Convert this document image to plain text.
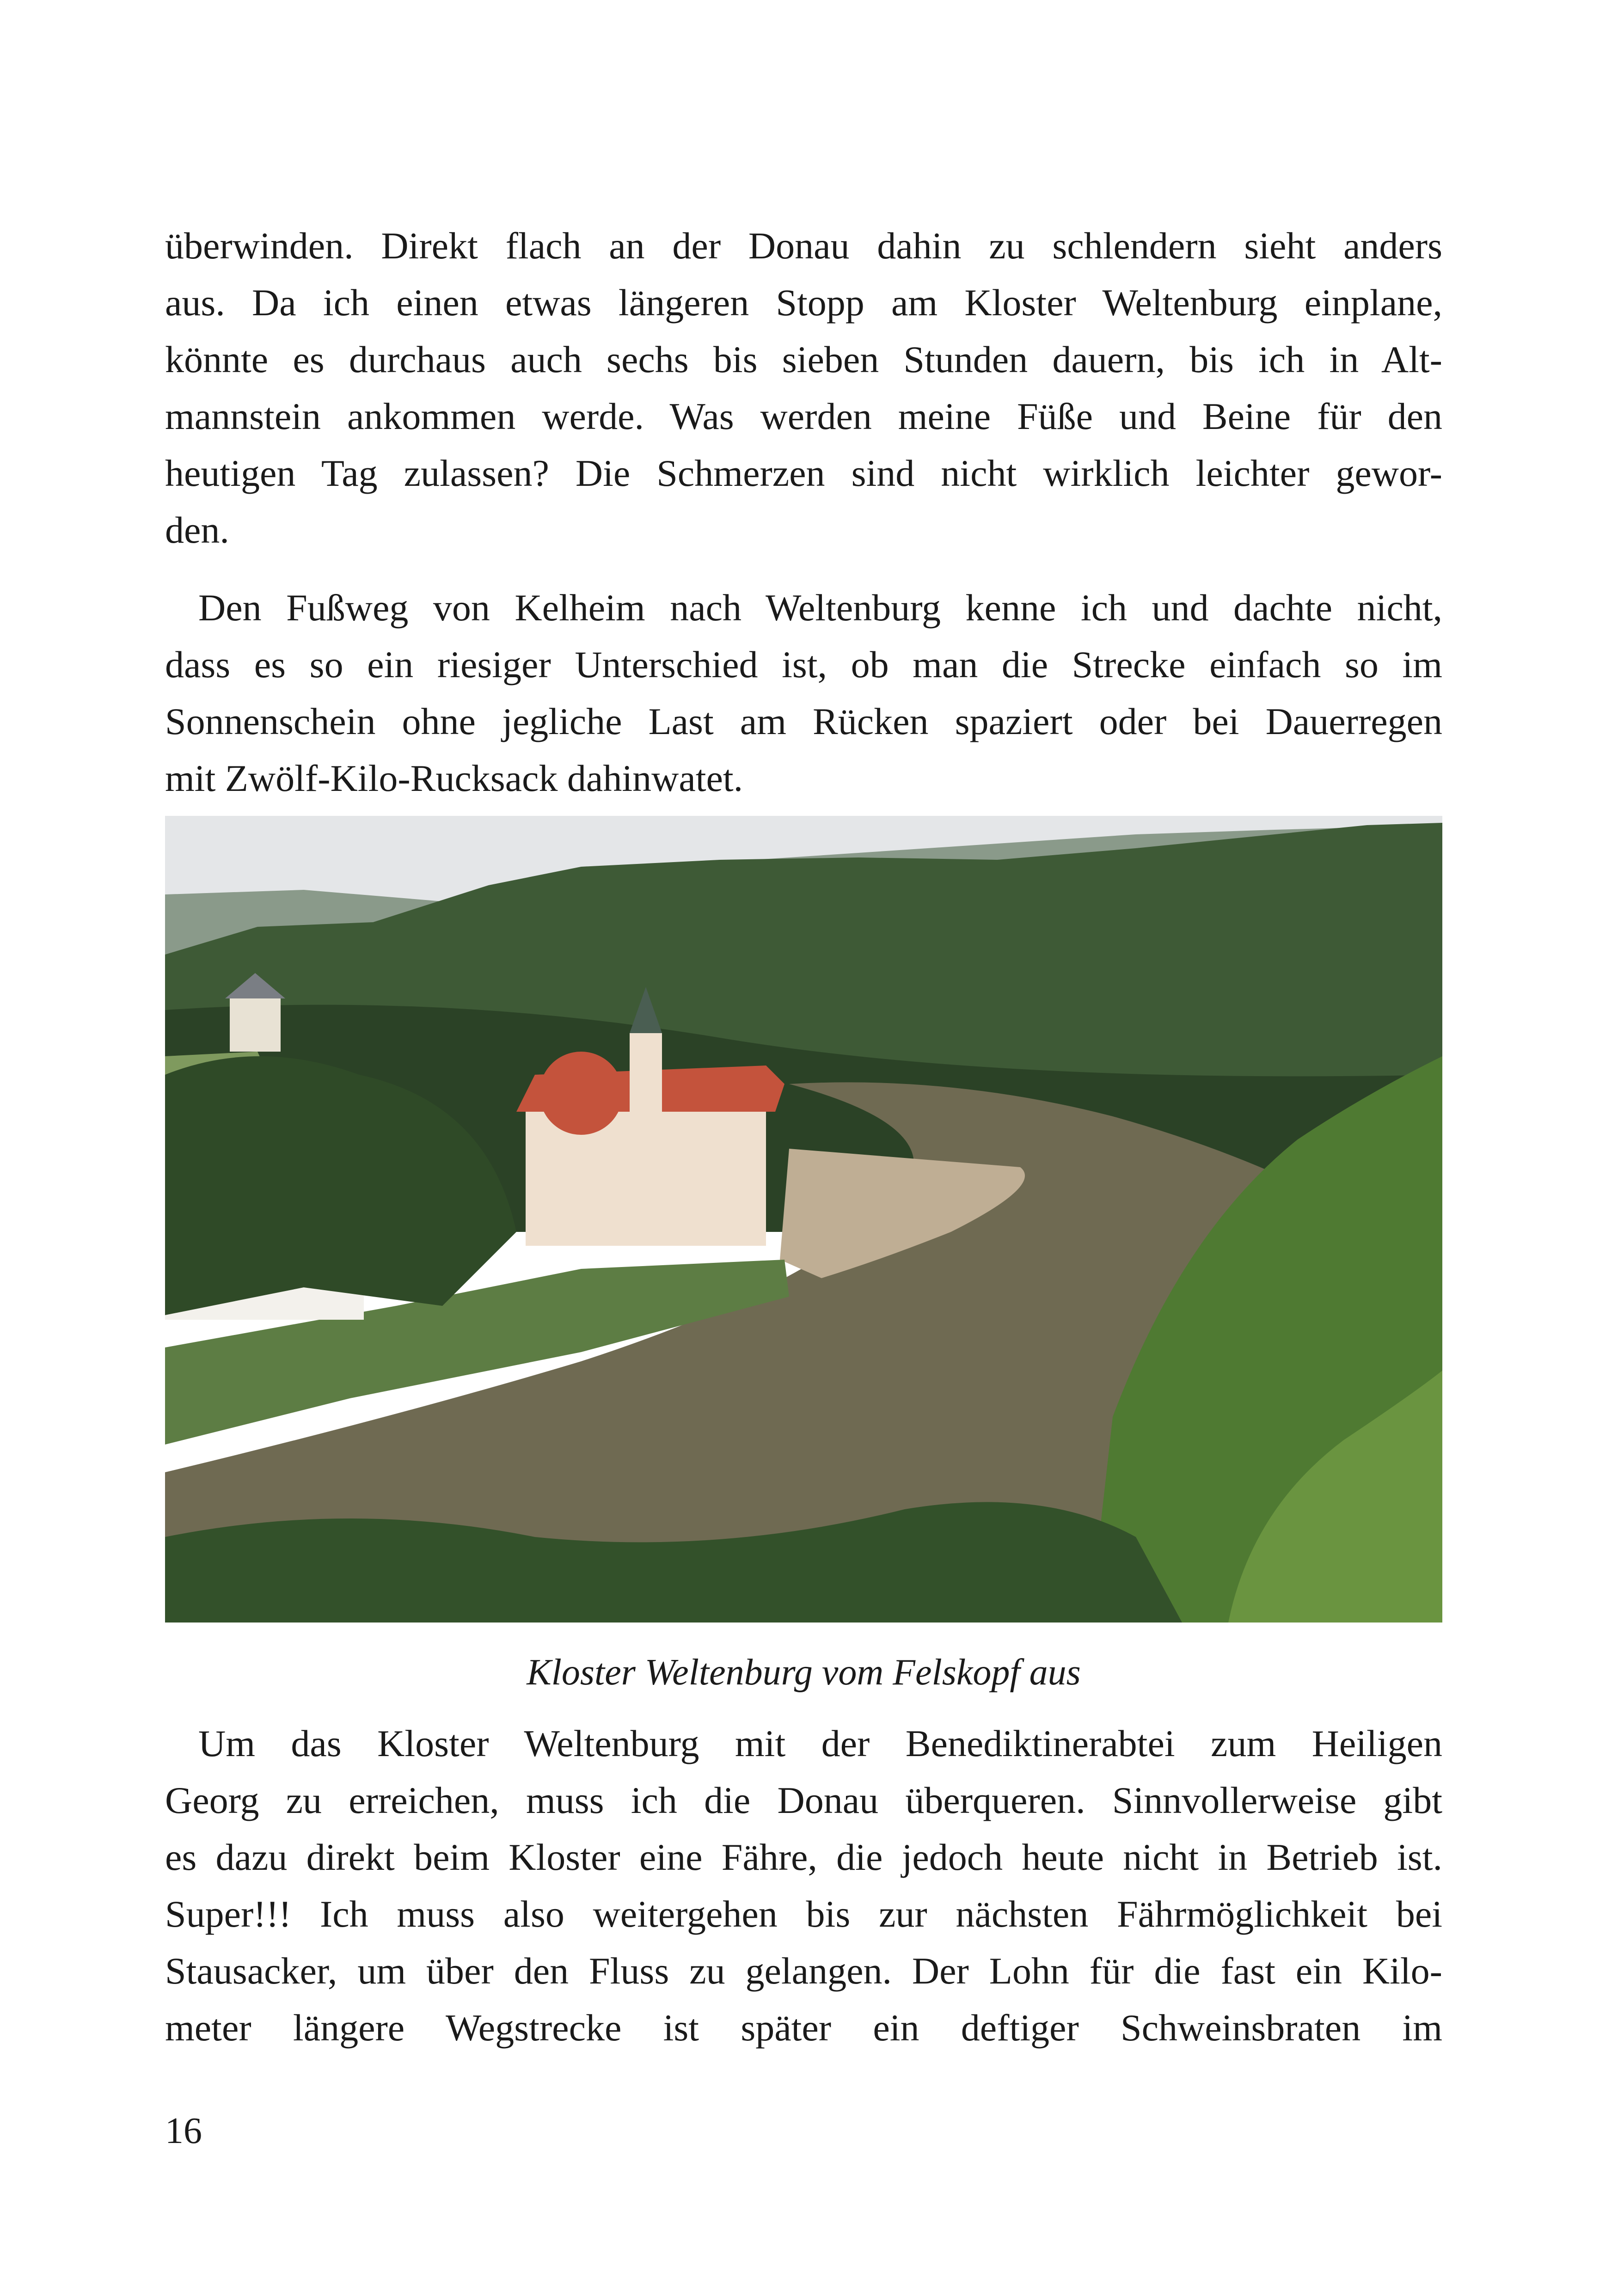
überwinden. Direkt flach an der Donau dahin zu schlendern sieht anders
aus. Da ich einen etwas längeren Stopp am Kloster Weltenburg einplane,
könnte es durchaus auch sechs bis sieben Stunden dauern, bis ich in Alt-
mannstein ankommen werde. Was werden meine Füße und Beine für den
heutigen Tag zulassen? Die Schmerzen sind nicht wirklich leichter gewor-
den.
Den Fußweg von Kelheim nach Weltenburg kenne ich und dachte nicht,
dass es so ein riesiger Unterschied ist, ob man die Strecke einfach so im
Sonnenschein ohne jegliche Last am Rücken spaziert oder bei Dauerregen
mit Zwölf-Kilo-Rucksack dahinwatet.
Kloster Weltenburg vom Felskopf aus
Um das Kloster Weltenburg mit der Benediktinerabtei zum Heiligen
Georg zu erreichen, muss ich die Donau überqueren. Sinnvollerweise gibt
es dazu direkt beim Kloster eine Fähre, die jedoch heute nicht in Betrieb ist.
Super!!! Ich muss also weitergehen bis zur nächsten Fährmöglichkeit bei
Stausacker, um über den Fluss zu gelangen. Der Lohn für die fast ein Kilo-
meter längere Wegstrecke ist später ein deftiger Schweinsbraten im
16
